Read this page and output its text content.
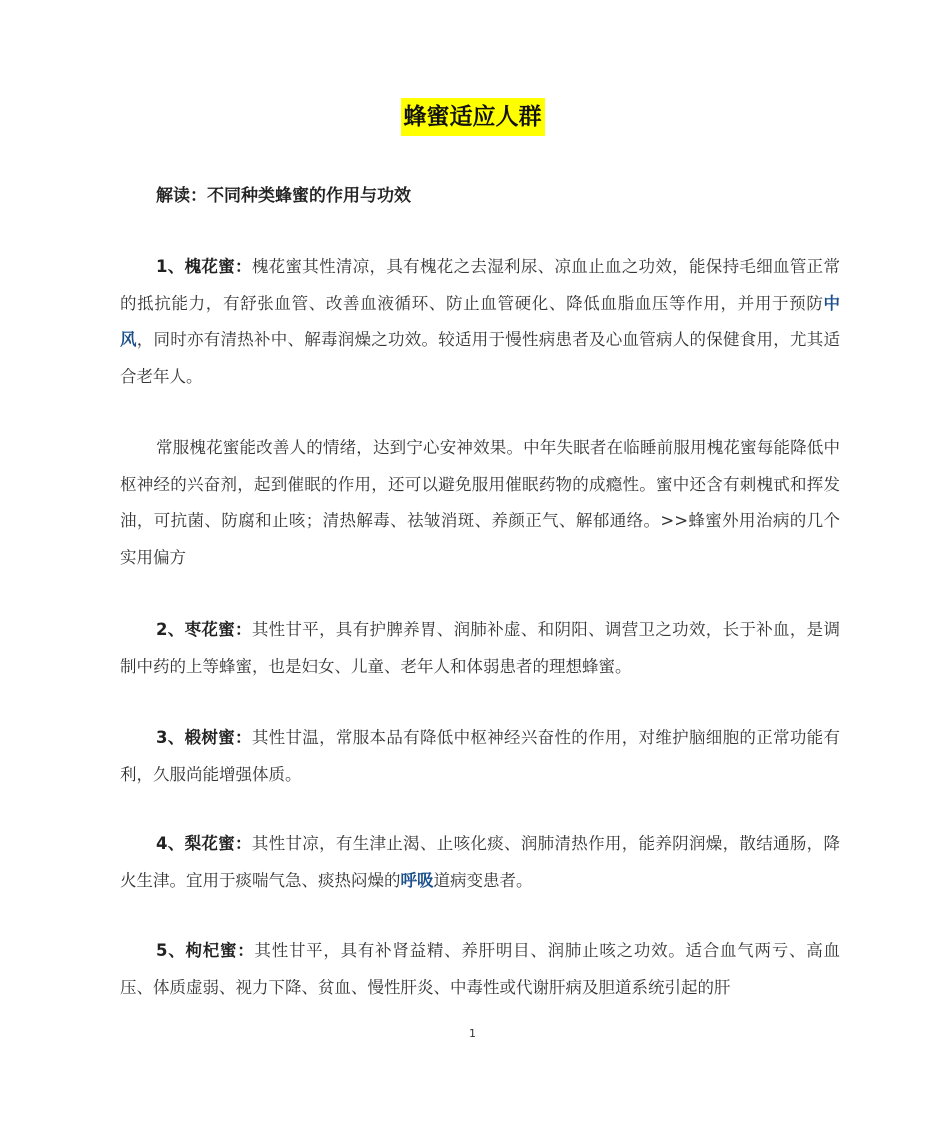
蜂蜜适应人群
解读：不同种类蜂蜜的作用与功效

1、槐花蜜：槐花蜜其性清凉，具有槐花之去湿利尿、凉血止血之功效，能保持毛细血管正常的抵抗能力，有舒张血管、改善血液循环、防止血管硬化、降低血脂血压等作用，并用于预防中风，同时亦有清热补中、解毒润燥之功效。较适用于慢性病患者及心血管病人的保健食用，尤其适合老年人。

常服槐花蜜能改善人的情绪，达到宁心安神效果。中年失眠者在临睡前服用槐花蜜每能降低中枢神经的兴奋剂，起到催眠的作用，还可以避免服用催眠药物的成瘾性。蜜中还含有刺槐甙和挥发油，可抗菌、防腐和止咳；清热解毒、祛皱消斑、养颜正气、解郁通络。>>蜂蜜外用治病的几个实用偏方

2、枣花蜜：其性甘平，具有护脾养胃、润肺补虚、和阴阳、调营卫之功效，长于补血，是调制中药的上等蜂蜜，也是妇女、儿童、老年人和体弱患者的理想蜂蜜。

3、椴树蜜：其性甘温，常服本品有降低中枢神经兴奋性的作用，对维护脑细胞的正常功能有利，久服尚能增强体质。

4、梨花蜜：其性甘凉，有生津止渴、止咳化痰、润肺清热作用，能养阴润燥，散结通肠，降火生津。宜用于痰喘气急、痰热闷燥的呼吸道病变患者。

5、枸杞蜜：其性甘平，具有补肾益精、养肝明目、润肺止咳之功效。适合血气两亏、高血压、体质虚弱、视力下降、贫血、慢性肝炎、中毒性或代谢肝病及胆道系统引起的肝

1
